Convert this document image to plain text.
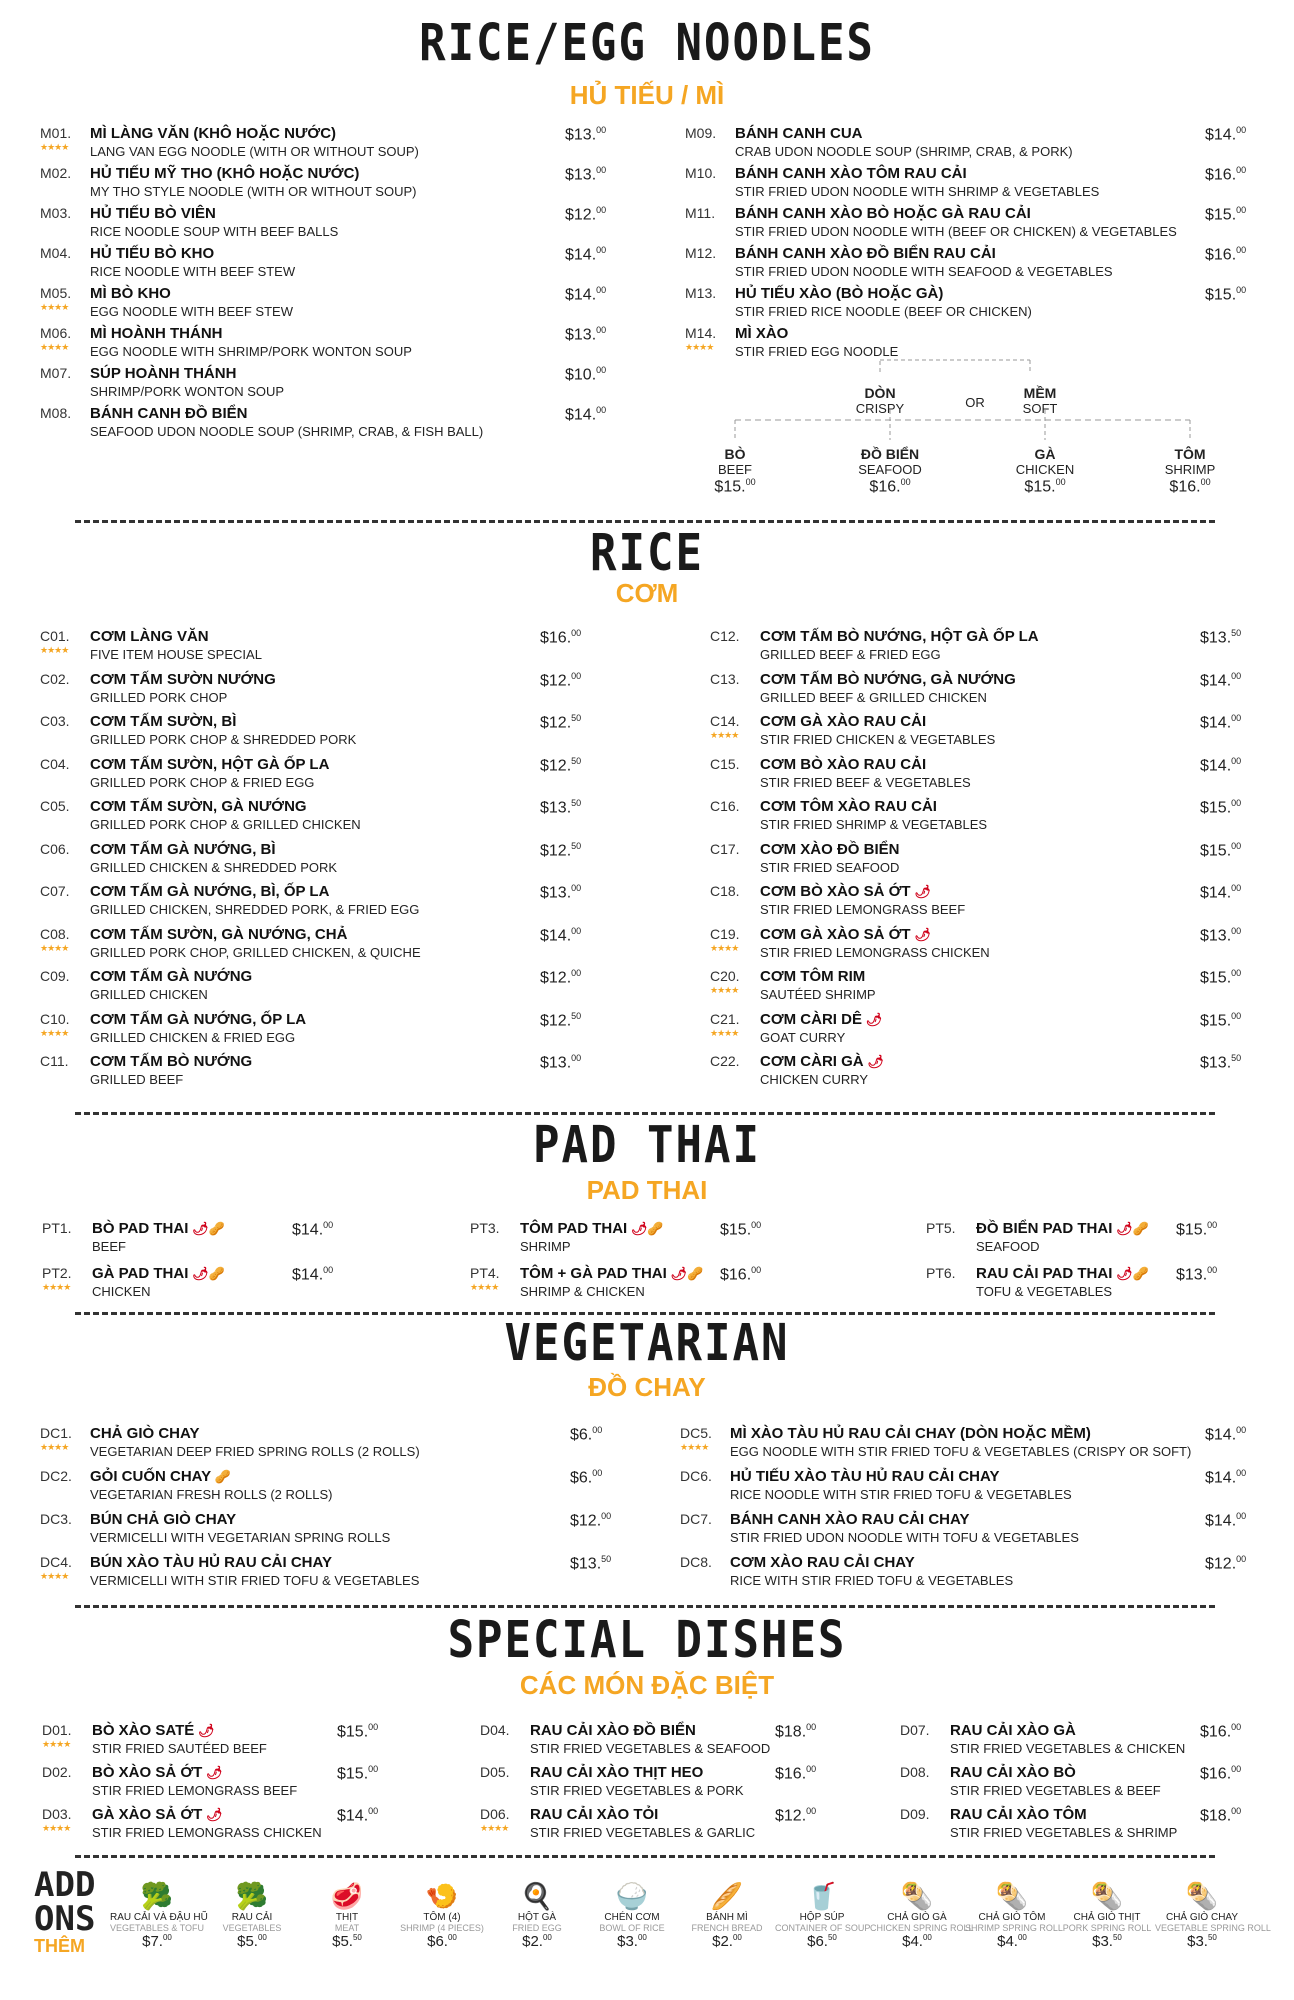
RICE/EGG NOODLES
HỦ TIẾU / MÌ
M01.
★★★★
MÌ LÀNG VĂN (KHÔ HOẶC NƯỚC)
LANG VAN EGG NOODLE (WITH OR WITHOUT SOUP)
$13.00
M02. HỦ TIẾU MỸ THO (KHÔ HOẶC NƯỚC)
MY THO STYLE NOODLE (WITH OR WITHOUT SOUP)
$13.00
M03. HỦ TIẾU BÒ VIÊN
RICE NOODLE SOUP WITH BEEF BALLS
$12.00
M04. HỦ TIẾU BÒ KHO
RICE NOODLE WITH BEEF STEW
$14.00
M05.
★★★★
MÌ BÒ KHO
EGG NOODLE WITH BEEF STEW
$14.00
M06.
★★★★
MÌ HOÀNH THÁNH
EGG NOODLE WITH SHRIMP/PORK WONTON SOUP
$13.00
M07. SÚP HOÀNH THÁNH
SHRIMP/PORK WONTON SOUP
$10.00
M08. BÁNH CANH ĐỒ BIỂN
SEAFOOD UDON NOODLE SOUP (SHRIMP, CRAB, & FISH BALL)
$14.00
M09. BÁNH CANH CUA
CRAB UDON NOODLE SOUP (SHRIMP, CRAB, & PORK)
$14.00
M10. BÁNH CANH XÀO TÔM RAU CẢI
STIR FRIED UDON NOODLE WITH SHRIMP & VEGETABLES
$16.00
M11. BÁNH CANH XÀO BÒ HOẶC GÀ RAU CẢI
STIR FRIED UDON NOODLE WITH (BEEF OR CHICKEN) & VEGETABLES
$15.00
M12. BÁNH CANH XÀO ĐỒ BIỂN RAU CẢI
STIR FRIED UDON NOODLE WITH SEAFOOD & VEGETABLES
$16.00
M13. HỦ TIẾU XÀO (BÒ HOẶC GÀ)
STIR FRIED RICE NOODLE (BEEF OR CHICKEN)
$15.00
M14.
★★★★
MÌ XÀO
STIR FRIED EGG NOODLE
DÒN
CRISPY	OR
MỀM
SOFT
BÒ
BEEF
$15.00
ĐỒ BIỂN
SEAFOOD
$16.00
GÀ
CHICKEN
$15.00
TÔM
SHRIMP
$16.00
RICE
CƠM
C01.
★★★★
CƠM LÀNG VĂN
FIVE ITEM HOUSE SPECIAL
$16.00
C02. CƠM TẤM SƯỜN NƯỚNG
GRILLED PORK CHOP
$12.00
C03. CƠM TẤM SƯỜN, BÌ
GRILLED PORK CHOP & SHREDDED PORK
$12.50
C04. CƠM TẤM SƯỜN, HỘT GÀ ỐP LA
GRILLED PORK CHOP & FRIED EGG
$12.50
C05. CƠM TẤM SƯỜN, GÀ NƯỚNG
GRILLED PORK CHOP & GRILLED CHICKEN
$13.50
C06. CƠM TẤM GÀ NƯỚNG, BÌ
GRILLED CHICKEN & SHREDDED PORK
$12.50
C07. CƠM TẤM GÀ NƯỚNG, BÌ, ỐP LA
GRILLED CHICKEN, SHREDDED PORK, & FRIED EGG
$13.00
C08.
★★★★
CƠM TẤM SƯỜN, GÀ NƯỚNG, CHẢ
GRILLED PORK CHOP, GRILLED CHICKEN, & QUICHE
$14.00
C09. CƠM TẤM GÀ NƯỚNG
GRILLED CHICKEN
$12.00
C10.
★★★★
CƠM TẤM GÀ NƯỚNG, ỐP LA
GRILLED CHICKEN & FRIED EGG
$12.50
C11. CƠM TẤM BÒ NƯỚNG
GRILLED BEEF
$13.00
C12. CƠM TẤM BÒ NƯỚNG, HỘT GÀ ỐP LA
GRILLED BEEF & FRIED EGG
$13.50
C13. CƠM TẤM BÒ NƯỚNG, GÀ NƯỚNG
GRILLED BEEF & GRILLED CHICKEN
$14.00
C14.
★★★★
CƠM GÀ XÀO RAU CẢI
STIR FRIED CHICKEN & VEGETABLES
$14.00
C15. CƠM BÒ XÀO RAU CẢI
STIR FRIED BEEF & VEGETABLES
$14.00
C16. CƠM TÔM XÀO RAU CẢI
STIR FRIED SHRIMP & VEGETABLES
$15.00
C17. CƠM XÀO ĐỒ BIỂN
STIR FRIED SEAFOOD
$15.00
C18. CƠM BÒ XÀO SẢ ỚT 🌶
STIR FRIED LEMONGRASS BEEF
$14.00
C19.
★★★★
CƠM GÀ XÀO SẢ ỚT 🌶
STIR FRIED LEMONGRASS CHICKEN
$13.00
C20.
★★★★
CƠM TÔM RIM
SAUTÉED SHRIMP
$15.00
C21.
★★★★
CƠM CÀRI DÊ 🌶
GOAT CURRY
$15.00
C22. CƠM CÀRI GÀ 🌶
CHICKEN CURRY
$13.50
PAD THAI
PAD THAI
PT1. BÒ PAD THAI 🌶🥜
BEEF
$14.00
PT2.
★★★★
GÀ PAD THAI 🌶🥜
CHICKEN
$14.00
PT3. TÔM PAD THAI 🌶🥜
SHRIMP
$15.00
PT4.
★★★★
TÔM + GÀ PAD THAI 🌶🥜
SHRIMP & CHICKEN
$16.00
PT5. ĐỒ BIỂN PAD THAI 🌶🥜
SEAFOOD
$15.00
PT6. RAU CẢI PAD THAI 🌶🥜
TOFU & VEGETABLES
$13.00
VEGETARIAN
ĐỒ CHAY
DC1.
★★★★
CHẢ GIÒ CHAY
VEGETARIAN DEEP FRIED SPRING ROLLS (2 ROLLS)
$6.00
DC2. GỎI CUỐN CHAY 🥜
VEGETARIAN FRESH ROLLS (2 ROLLS)
$6.00
DC3. BÚN CHẢ GIÒ CHAY
VERMICELLI WITH VEGETARIAN SPRING ROLLS
$12.00
DC4.
★★★★
BÚN XÀO TÀU HỦ RAU CẢI CHAY
VERMICELLI WITH STIR FRIED TOFU & VEGETABLES
$13.50
DC5.
★★★★
MÌ XÀO TÀU HỦ RAU CẢI CHAY (DÒN HOẶC MỀM)
EGG NOODLE WITH STIR FRIED TOFU & VEGETABLES (CRISPY OR SOFT)
$14.00
DC6. HỦ TIẾU XÀO TÀU HỦ RAU CẢI CHAY
RICE NOODLE WITH STIR FRIED TOFU & VEGETABLES
$14.00
DC7. BÁNH CANH XÀO RAU CẢI CHAY
STIR FRIED UDON NOODLE WITH TOFU & VEGETABLES
$14.00
DC8. CƠM XÀO RAU CẢI CHAY
RICE WITH STIR FRIED TOFU & VEGETABLES
$12.00
SPECIAL DISHES
CÁC MÓN ĐẶC BIỆT
D01.
★★★★
BÒ XÀO SATÉ 🌶
STIR FRIED SAUTÉED BEEF
$15.00
D02. BÒ XÀO SẢ ỚT 🌶
STIR FRIED LEMONGRASS BEEF
$15.00
D03.
★★★★
GÀ XÀO SẢ ỚT 🌶
STIR FRIED LEMONGRASS CHICKEN
$14.00
D04. RAU CẢI XÀO ĐỒ BIỂN
STIR FRIED VEGETABLES & SEAFOOD
$18.00
D05. RAU CẢI XÀO THỊT HEO
STIR FRIED VEGETABLES & PORK
$16.00
D06.
★★★★
RAU CẢI XÀO TỎI
STIR FRIED VEGETABLES & GARLIC
$12.00
D07. RAU CẢI XÀO GÀ
STIR FRIED VEGETABLES & CHICKEN
$16.00
D08. RAU CẢI XÀO BÒ
STIR FRIED VEGETABLES & BEEF
$16.00
D09. RAU CẢI XÀO TÔM
STIR FRIED VEGETABLES & SHRIMP
$18.00
ADD
ONS
THÊM
🥦
RAU CẢI VÀ ĐẬU HŨ
VEGETABLES & TOFU
$7.00
🥦
RAU CẢI
VEGETABLES
$5.00
🥩
THỊT
MEAT
$5.50
🍤
TÔM (4)
SHRIMP (4 PIECES)
$6.00
🍳
HỘT GÀ
FRIED EGG
$2.00
🍚
CHÉN CƠM
BOWL OF RICE
$3.00
🥖
BÁNH MÌ
FRENCH BREAD
$2.00
🥤
HỘP SÚP
CONTAINER OF SOUP
$6.50
🌯
CHẢ GIÒ GÀ
CHICKEN SPRING ROLL
$4.00
🌯
CHẢ GIÒ TÔM
SHRIMP SPRING ROLL
$4.00
🌯
CHẢ GIÒ THỊT
PORK SPRING ROLL
$3.50
🌯
CHẢ GIÒ CHAY
VEGETABLE SPRING ROLL
$3.50
